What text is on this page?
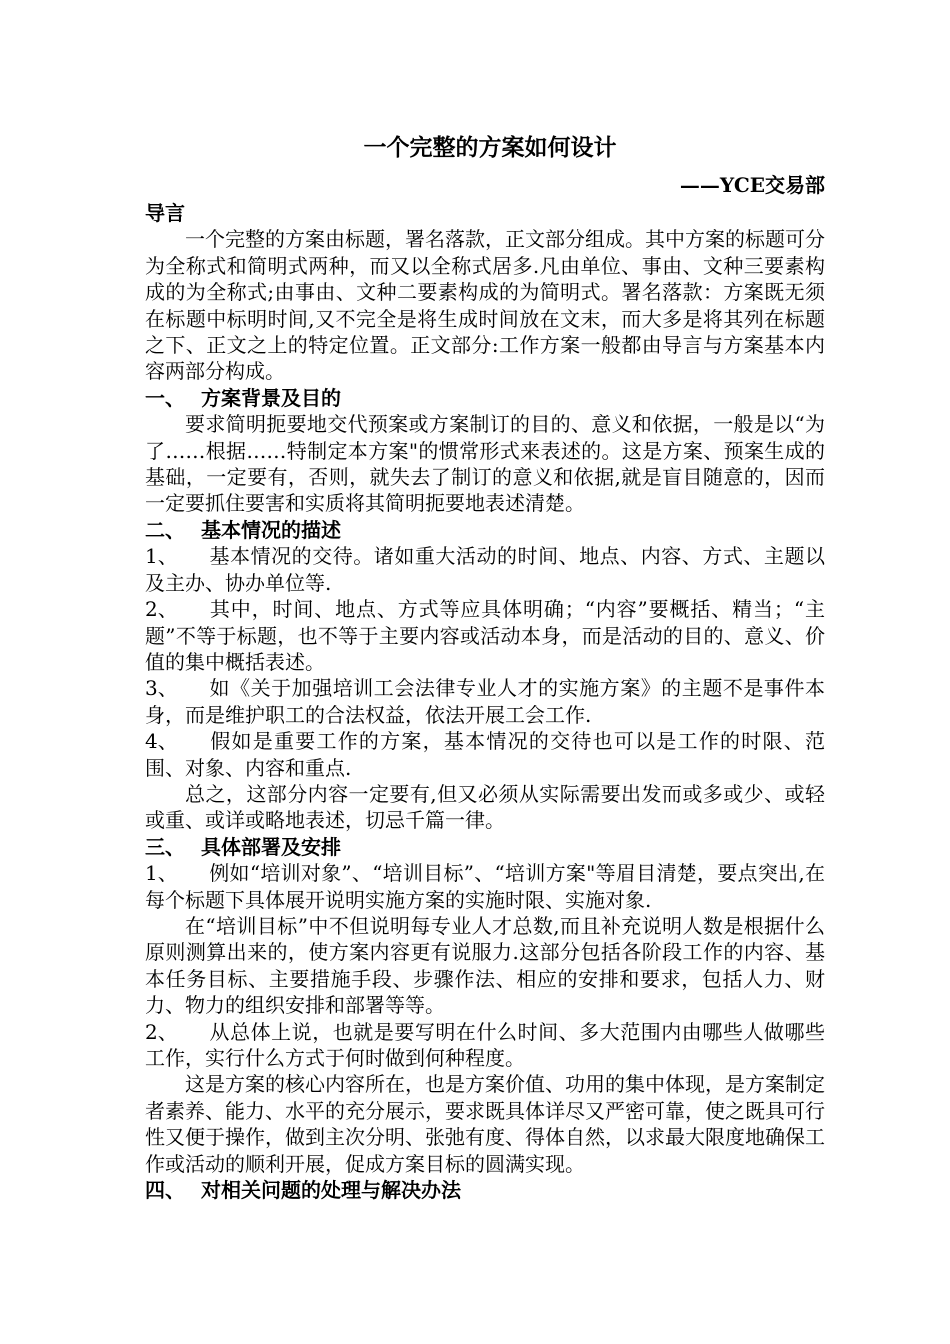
一个完整的方案如何设计

——YCE交易部

导言

一个完整的方案由标题，署名落款，正文部分组成。其中方案的标题可分为全称式和简明式两种，而又以全称式居多.凡由单位、事由、文种三要素构成的为全称式;由事由、文种二要素构成的为简明式。署名落款：方案既无须在标题中标明时间,又不完全是将生成时间放在文末，而大多是将其列在标题之下、正文之上的特定位置。正文部分:工作方案一般都由导言与方案基本内容两部分构成。

一、 方案背景及目的

要求简明扼要地交代预案或方案制订的目的、意义和依据，一般是以“为了……根据……特制定本方案"的惯常形式来表述的。这是方案、预案生成的基础，一定要有，否则，就失去了制订的意义和依据,就是盲目随意的，因而一定要抓住要害和实质将其简明扼要地表述清楚。

二、 基本情况的描述

1、 基本情况的交待。诸如重大活动的时间、地点、内容、方式、主题以及主办、协办单位等.

2、 其中，时间、地点、方式等应具体明确；“内容”要概括、精当；“主题”不等于标题，也不等于主要内容或活动本身，而是活动的目的、意义、价值的集中概括表述。

3、 如《关于加强培训工会法律专业人才的实施方案》的主题不是事件本身，而是维护职工的合法权益，依法开展工会工作.

4、 假如是重要工作的方案，基本情况的交待也可以是工作的时限、范围、对象、内容和重点.

总之，这部分内容一定要有,但又必须从实际需要出发而或多或少、或轻或重、或详或略地表述，切忌千篇一律。

三、 具体部署及安排

1、 例如“培训对象”、“培训目标”、“培训方案"等眉目清楚，要点突出,在每个标题下具体展开说明实施方案的实施时限、实施对象.

在“培训目标”中不但说明每专业人才总数,而且补充说明人数是根据什么原则测算出来的，使方案内容更有说服力.这部分包括各阶段工作的内容、基本任务目标、主要措施手段、步骤作法、相应的安排和要求，包括人力、财力、物力的组织安排和部署等等。

2、 从总体上说，也就是要写明在什么时间、多大范围内由哪些人做哪些工作，实行什么方式于何时做到何种程度。

这是方案的核心内容所在，也是方案价值、功用的集中体现，是方案制定者素养、能力、水平的充分展示，要求既具体详尽又严密可靠，使之既具可行性又便于操作，做到主次分明、张弛有度、得体自然，以求最大限度地确保工作或活动的顺利开展，促成方案目标的圆满实现。

四、 对相关问题的处理与解决办法
